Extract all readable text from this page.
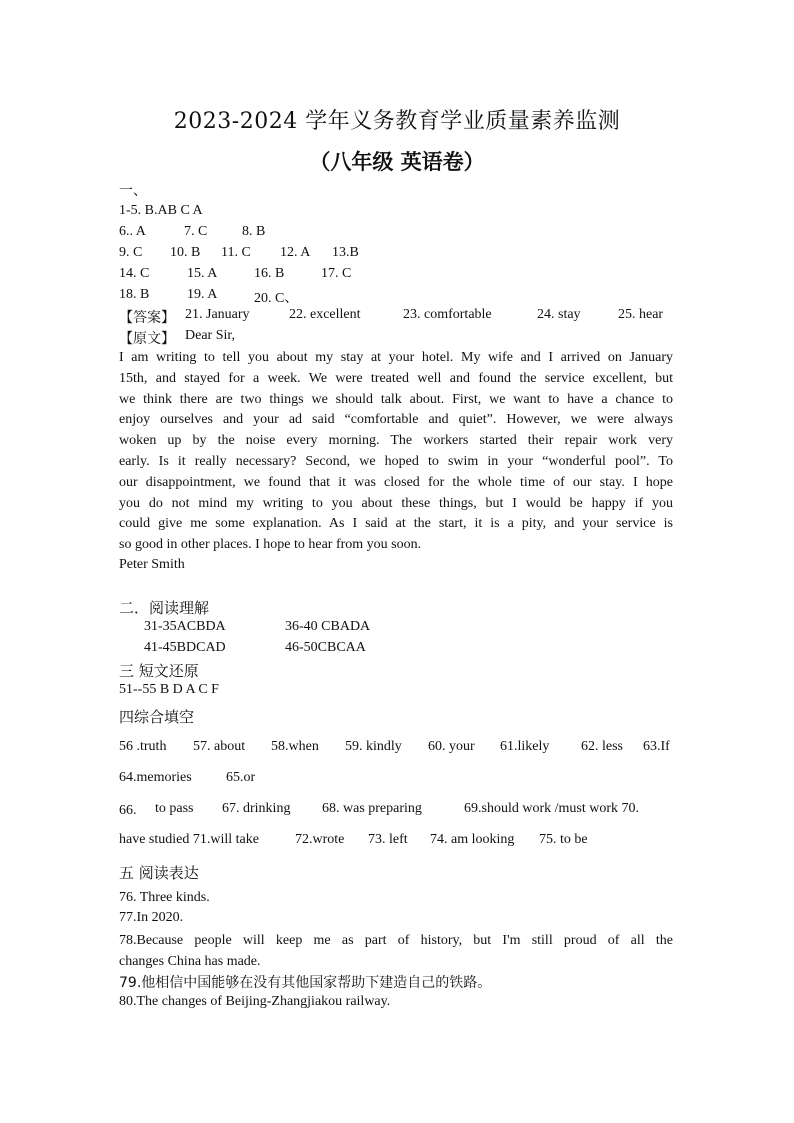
2023-2024 学年义务教育学业质量素养监测
（八年级 英语卷）
一、
1-5. B.AB C A
6.. A	7. C 8. B
9. C 10. B 11. C 12. A 13.B
14. C	15. A	16. B	17. C
18. B	19. A	20. C、
【答案】 21. January	22. excellent	23. comfortable	24. stay	25. hear
【原文】 Dear Sir,
I am writing to tell you about my stay at your hotel. My wife and I arrived on January
15th, and stayed for a week. We were treated well and found the service excellent, but
we think there are two things we should talk about. First, we want to have a chance to
enjoy ourselves and your ad said “comfortable and quiet”. However, we were always
woken up by the noise every morning. The workers started their repair work very
early. Is it really necessary? Second, we hoped to swim in your “wonderful pool”. To
our disappointment, we found that it was closed for the whole time of our stay. I hope
you do not mind my writing to you about these things, but I would be happy if you
could give me some explanation. As I said at the start, it is a pity, and your service is
so good in other places. I hope to hear from you soon.
Peter Smith
二．阅读理解
31-35ACBDA	36-40 CBADA
41-45BDCAD	46-50CBCAA
三 短文还原
51--55 B D A C F
四综合填空
56 .truth 57. about 58.when 59. kindly 60. your 61.likely 62. less 63.If
64.memories 65.or
66. to pass 67. drinking 68. was preparing	69.should work /must work 70.
have studied 71.will take	72.wrote 73. left 74. am looking 75. to be
五 阅读表达
76. Three kinds.
77.In 2020.
78.Because people will keep me as part of history, but I'm still proud of all the
changes China has made.
79.他相信中国能够在没有其他国家帮助下建造自己的铁路。
80.The changes of Beijing-Zhangjiakou railway.
